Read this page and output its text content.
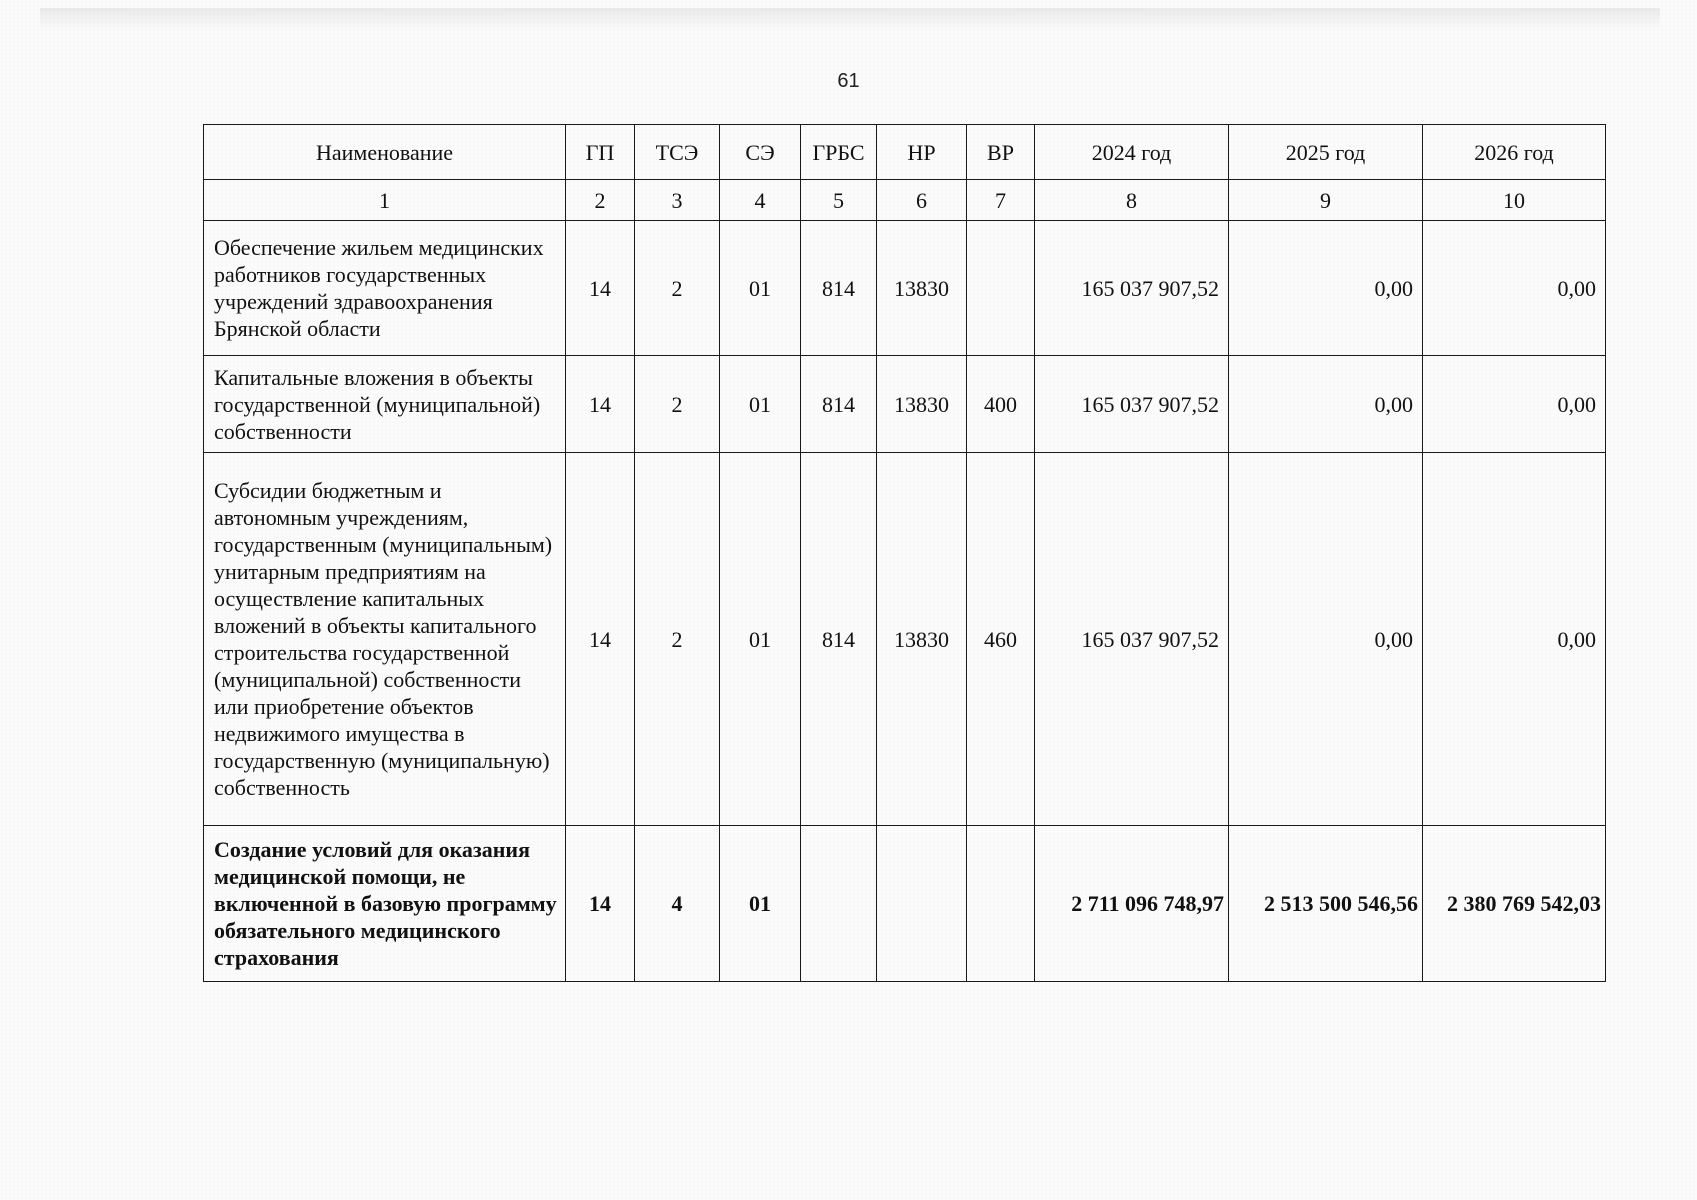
61
Наименование	ГП	ТСЭ	СЭ	ГРБС	НР	ВР	2024 год	2025 год	2026 год
1	2	3	4	5	6	7	8	9	10
Обеспечение жильем медицинских работников государственных учреждений здравоохранения Брянской области	14	2	01	814	13830		165 037 907,52	0,00	0,00
Капитальные вложения в объекты государственной (муниципальной) собственности	14	2	01	814	13830	400	165 037 907,52	0,00	0,00
Субсидии бюджетным и автономным учреждениям, государственным (муниципальным) унитарным предприятиям на осуществление капитальных вложений в объекты капитального строительства государственной (муниципальной) собственности или приобретение объектов недвижимого имущества в государственную (муниципальную) собственность	14	2	01	814	13830	460	165 037 907,52	0,00	0,00
Создание условий для оказания медицинской помощи, не включенной в базовую программу обязательного медицинского страхования	14	4	01				2 711 096 748,97	2 513 500 546,56	2 380 769 542,03
